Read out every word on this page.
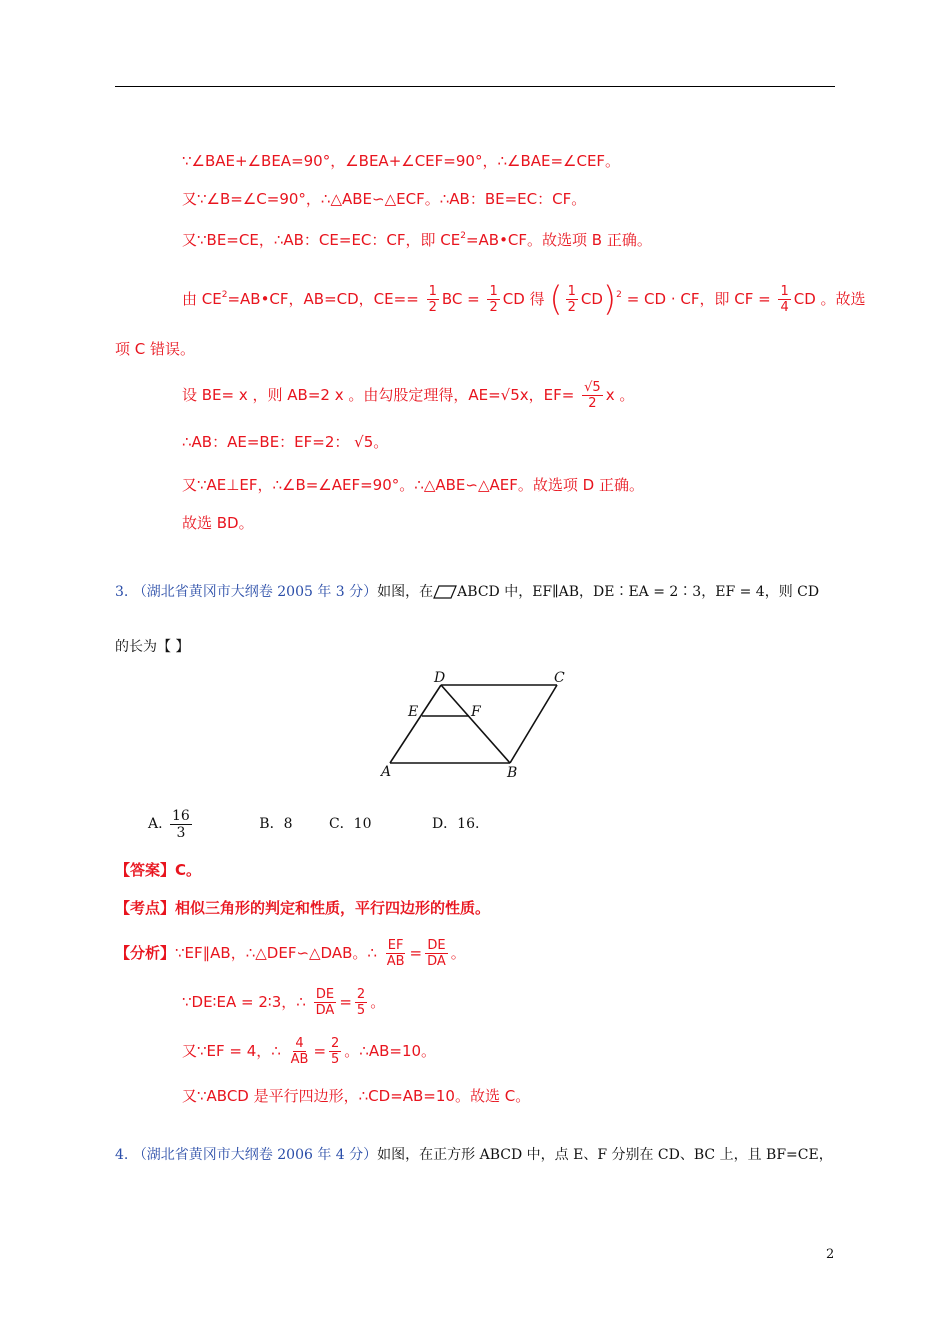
∵∠BAE+∠BEA=90°，∠BEA+∠CEF=90°，∴∠BAE=∠CEF。
又∵∠B=∠C=90°，∴△ABE∽△ECF。∴AB：BE=EC：CF。
又∵BE=CE，∴AB：CE=EC：CF，即 $CE^2=AB•CF$。故选项 B 正确。
由 $CE^2=AB•CF$，AB=CD，$CE== \frac{1}{2}$ BC = $\frac{1}{2}$ CD 得 ( $\frac{1}{2} CD)^2$ = CD · CF，即 CF = $\frac{1}{4}$ CD 。故选
项 C 错误。
设 BE= x ，则 AB=2 x 。由勾股定理得，AE=√5x，$EF= \frac{√5}{2}$ x 。
∴AB：AE=BE：EF=2： √5。
又∵AE⊥EF，∴∠B=∠AEF=90°。∴△ABE∽△AEF。故选项 D 正确。
故选 BD。
3. （湖北省黄冈市大纲卷 2005 年 3 分）如图，在 ABCD 中，EF∥AB，DE∶EA = 2∶3，EF = 4，则 CD
的长为【 】
D	C
E	F
A	B
A. $\frac{16}{3}$	B．8	C．10	D．16.
【答案】C。
【考点】相似三角形的判定和性质，平行四边形的性质。
【分析】∵EF∥AB，∴△DEF∽△DAB。∴ $\frac{EF}{AB} = \frac{DE}{DA}$ 。
∵DE∶EA = 2∶3，∴ $\frac{DE}{DA} = \frac{2}{5}$ 。
又∵EF = 4，∴ $\frac{4}{AB} = \frac{2}{5}$ 。∴AB=10。
又∵ABCD 是平行四边形，∴CD=AB=10。故选 C。
4. （湖北省黄冈市大纲卷 2006 年 4 分）如图，在正方形 ABCD 中，点 E、F 分别在 CD、BC 上，且 BF=CE，
2
